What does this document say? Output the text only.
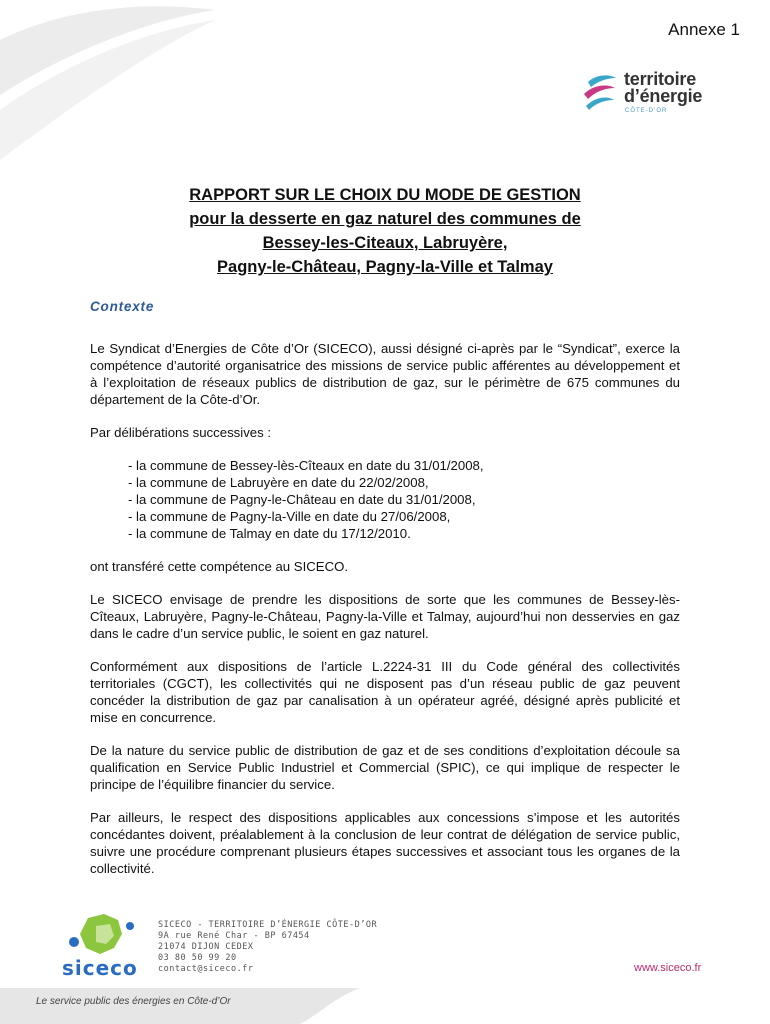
Annexe 1
territoire
d’énergie
CÔTE-D’OR
RAPPORT SUR LE CHOIX DU MODE DE GESTION
pour la desserte en gaz naturel des communes de
Bessey-les-Citeaux, Labruyère,
Pagny-le-Château, Pagny-la-Ville et Talmay
Contexte

Le Syndicat d’Energies de Côte d’Or (SICECO), aussi désigné ci-après par le “Syndicat”, exerce la compétence d’autorité organisatrice des missions de service public afférentes au développement et à l’exploitation de réseaux publics de distribution de gaz, sur le périmètre de 675 communes du département de la Côte-d’Or.

Par délibérations successives :

- la commune de Bessey-lès-Cîteaux en date du 31/01/2008,
- la commune de Labruyère en date du 22/02/2008,
- la commune de Pagny-le-Château en date du 31/01/2008,
- la commune de Pagny-la-Ville en date du 27/06/2008,
- la commune de Talmay en date du 17/12/2010.

ont transféré cette compétence au SICECO.

Le SICECO envisage de prendre les dispositions de sorte que les communes de Bessey-lès-Cîteaux, Labruyère, Pagny-le-Château, Pagny-la-Ville et Talmay, aujourd’hui non desservies en gaz dans le cadre d’un service public, le soient en gaz naturel.

Conformément aux dispositions de l’article L.2224-31 III du Code général des collectivités territoriales (CGCT), les collectivités qui ne disposent pas d’un réseau public de gaz peuvent concéder la distribution de gaz par canalisation à un opérateur agréé, désigné après publicité et mise en concurrence.

De la nature du service public de distribution de gaz et de ses conditions d’exploitation découle sa qualification en Service Public Industriel et Commercial (SPIC), ce qui implique de respecter le principe de l’équilibre financier du service.

Par ailleurs, le respect des dispositions applicables aux concessions s’impose et les autorités concédantes doivent, préalablement à la conclusion de leur contrat de délégation de service public, suivre une procédure comprenant plusieurs étapes successives et associant tous les organes de la collectivité.

siceco
SICECO - TERRITOIRE D’ÉNERGIE CÔTE-D’OR
9A rue René Char - BP 67454
21074 DIJON CEDEX
03 80 50 99 20
contact@siceco.fr	www.siceco.fr
Le service public des énergies en Côte-d’Or
